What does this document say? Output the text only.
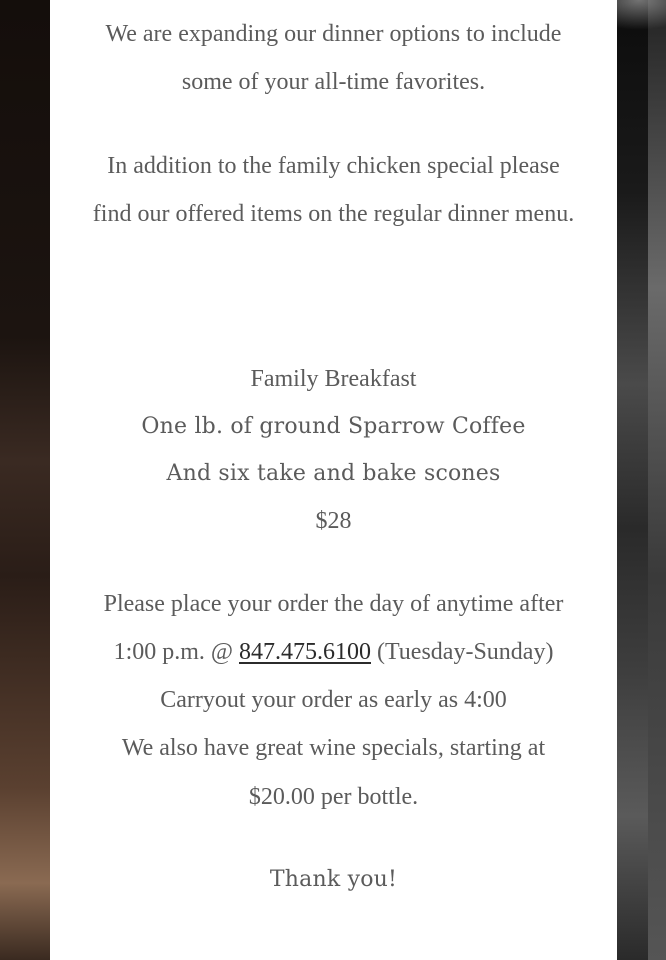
We are expanding our dinner options to include
some of your all-time favorites.
In addition to the family chicken special please
find our offered items on the regular dinner menu.
Family Breakfast
One lb. of ground Sparrow Coffee
And six take and bake scones
$28
Please place your order the day of anytime after
1:00 p.m. @ 847.475.6100 (Tuesday-Sunday)
Carryout your order as early as 4:00
We also have great wine specials, starting at
$20.00 per bottle.
Thank you!
